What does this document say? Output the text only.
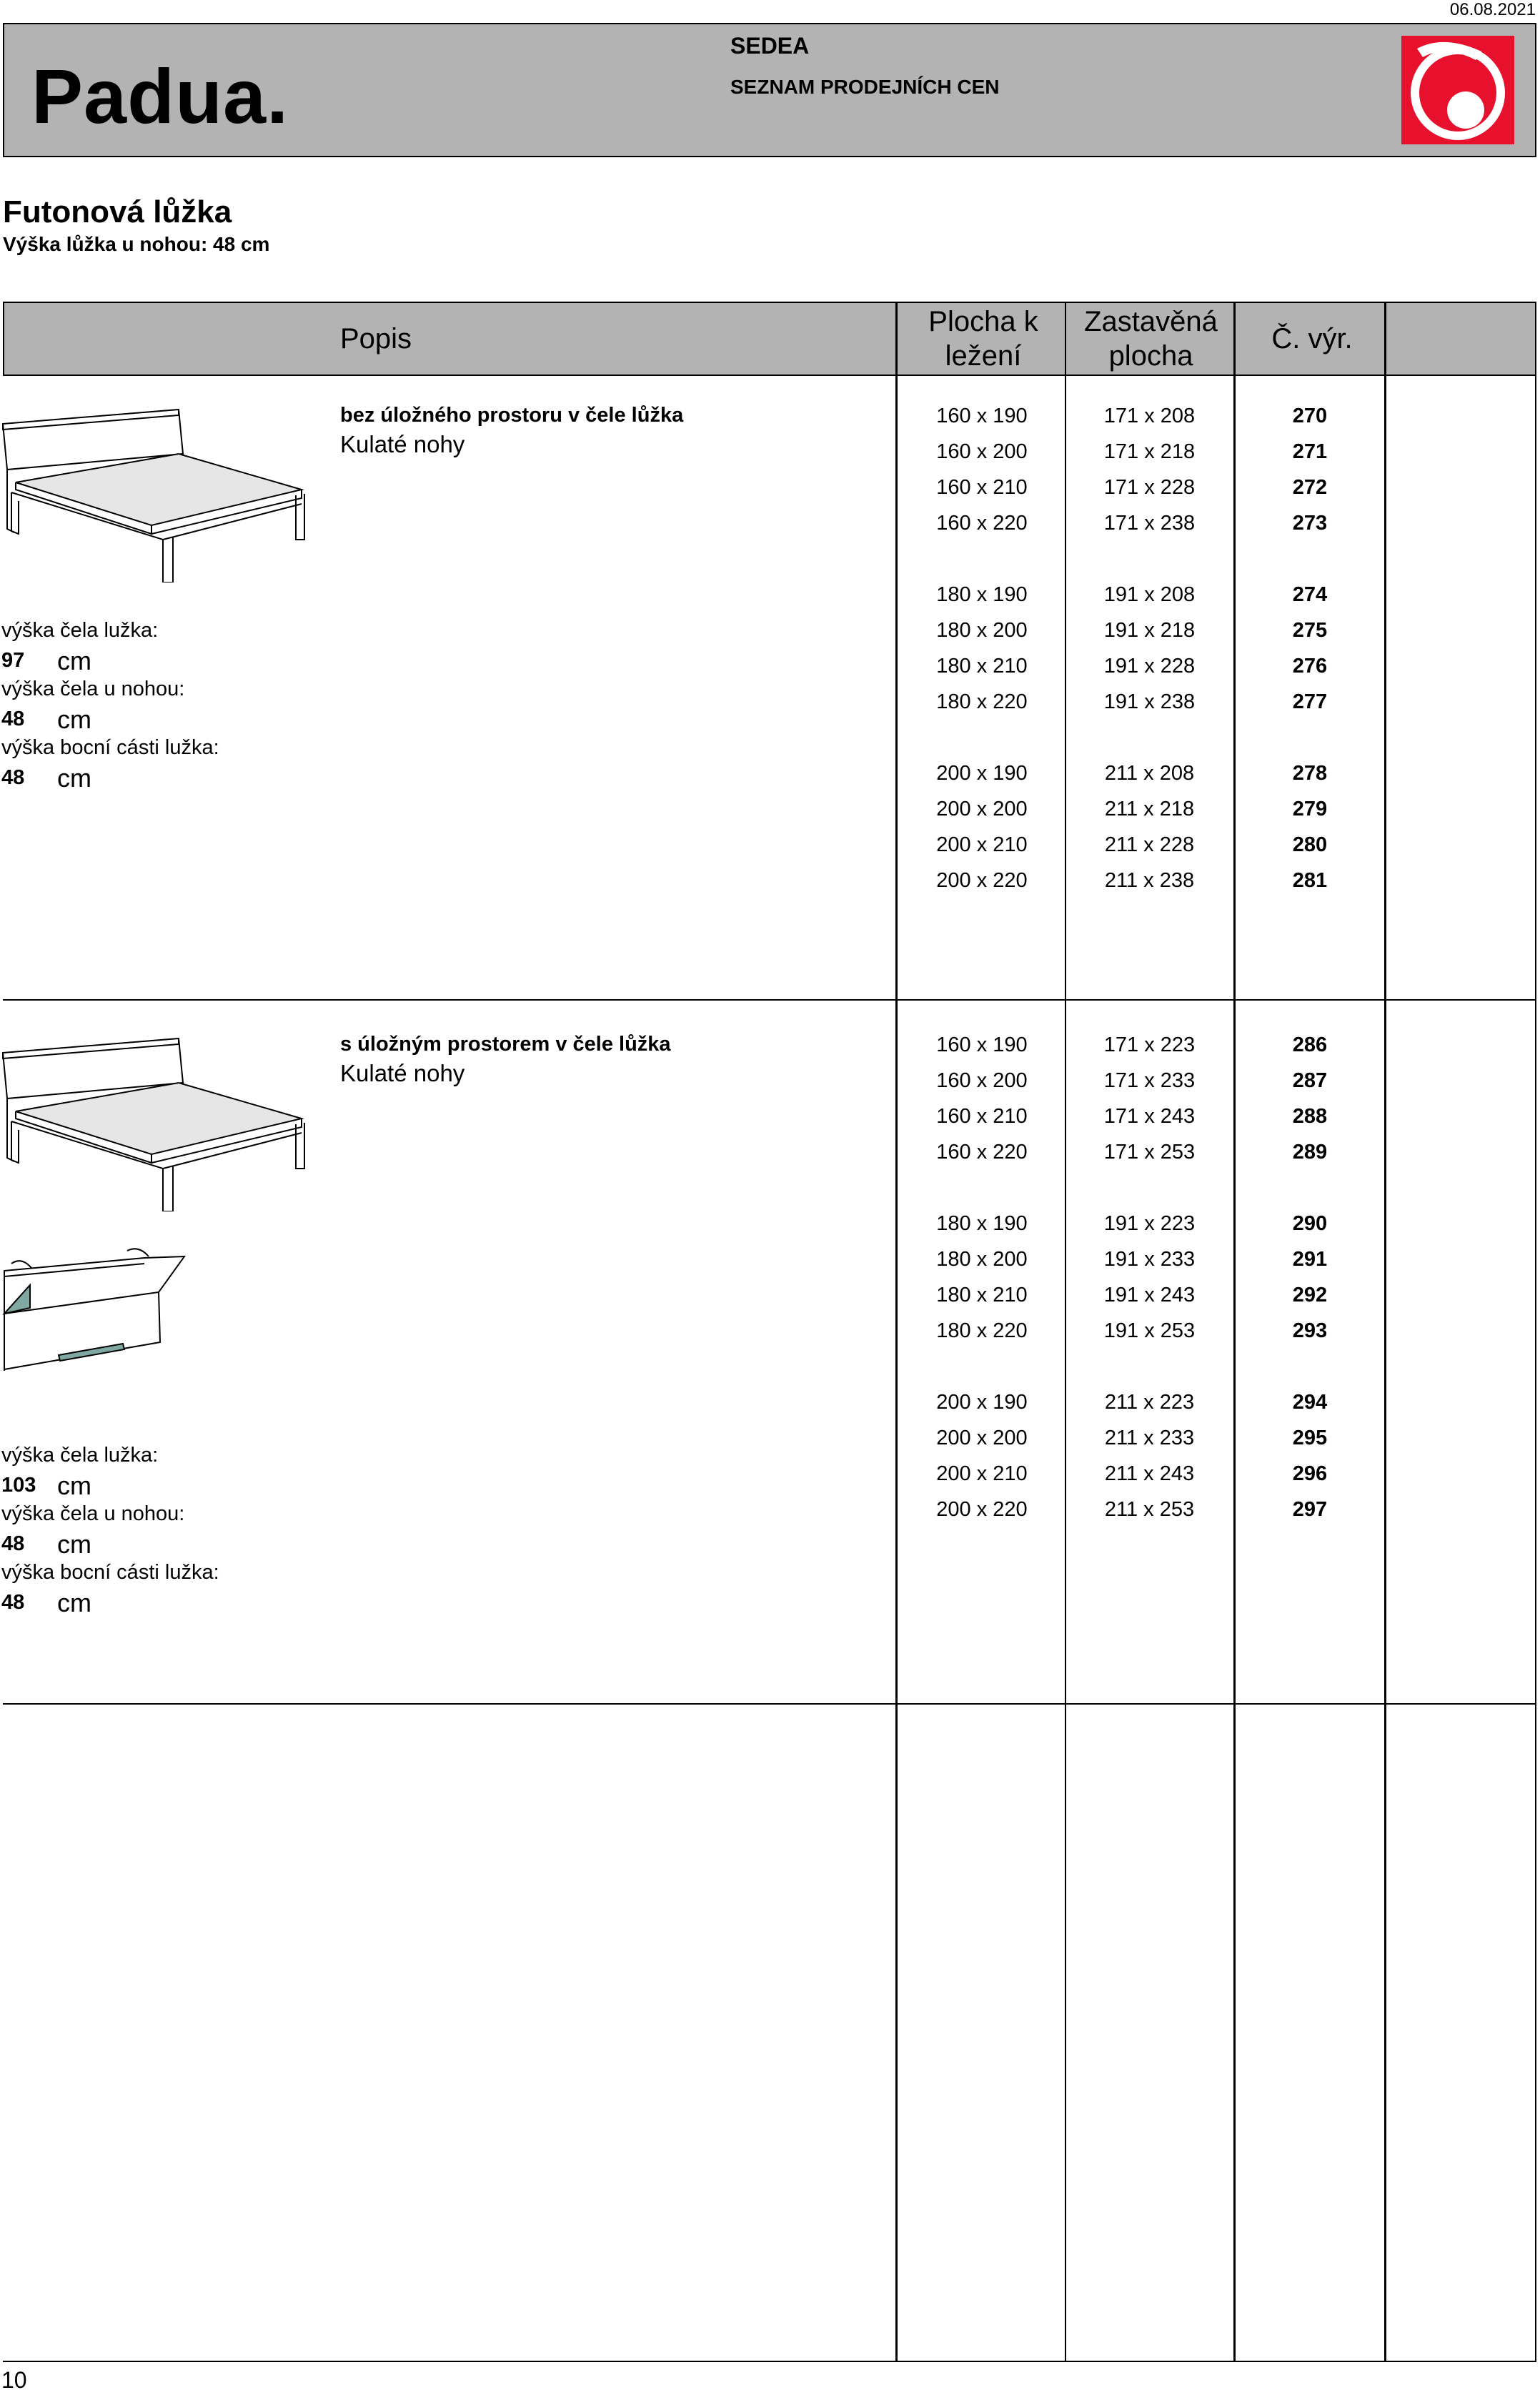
06.08.2021
Padua.
SEDEA
SEZNAM PRODEJNÍCH CEN
Futonová lůžka
Výška lůžka u nohou: 48 cm
Popis
Plocha k
ležení
Zastavěná
plocha
Č. výr.
bez úložného prostoru v čele lůžka
Kulaté nohy
výška čela lužka:
97 cm
výška čela u nohou:
48 cm
výška bocní cásti lužka:
48 cm
160 x 190	171 x 208	270
160 x 200	171 x 218	271
160 x 210	171 x 228	272
160 x 220	171 x 238	273
180 x 190	191 x 208	274
180 x 200	191 x 218	275
180 x 210	191 x 228	276
180 x 220	191 x 238	277
200 x 190	211 x 208	278
200 x 200	211 x 218	279
200 x 210	211 x 228	280
200 x 220	211 x 238	281
s úložným prostorem v čele lůžka
Kulaté nohy
výška čela lužka:
103 cm
výška čela u nohou:
48 cm
výška bocní cásti lužka:
48 cm
160 x 190	171 x 223	286
160 x 200	171 x 233	287
160 x 210	171 x 243	288
160 x 220	171 x 253	289
180 x 190	191 x 223	290
180 x 200	191 x 233	291
180 x 210	191 x 243	292
180 x 220	191 x 253	293
200 x 190	211 x 223	294
200 x 200	211 x 233	295
200 x 210	211 x 243	296
200 x 220	211 x 253	297
10
